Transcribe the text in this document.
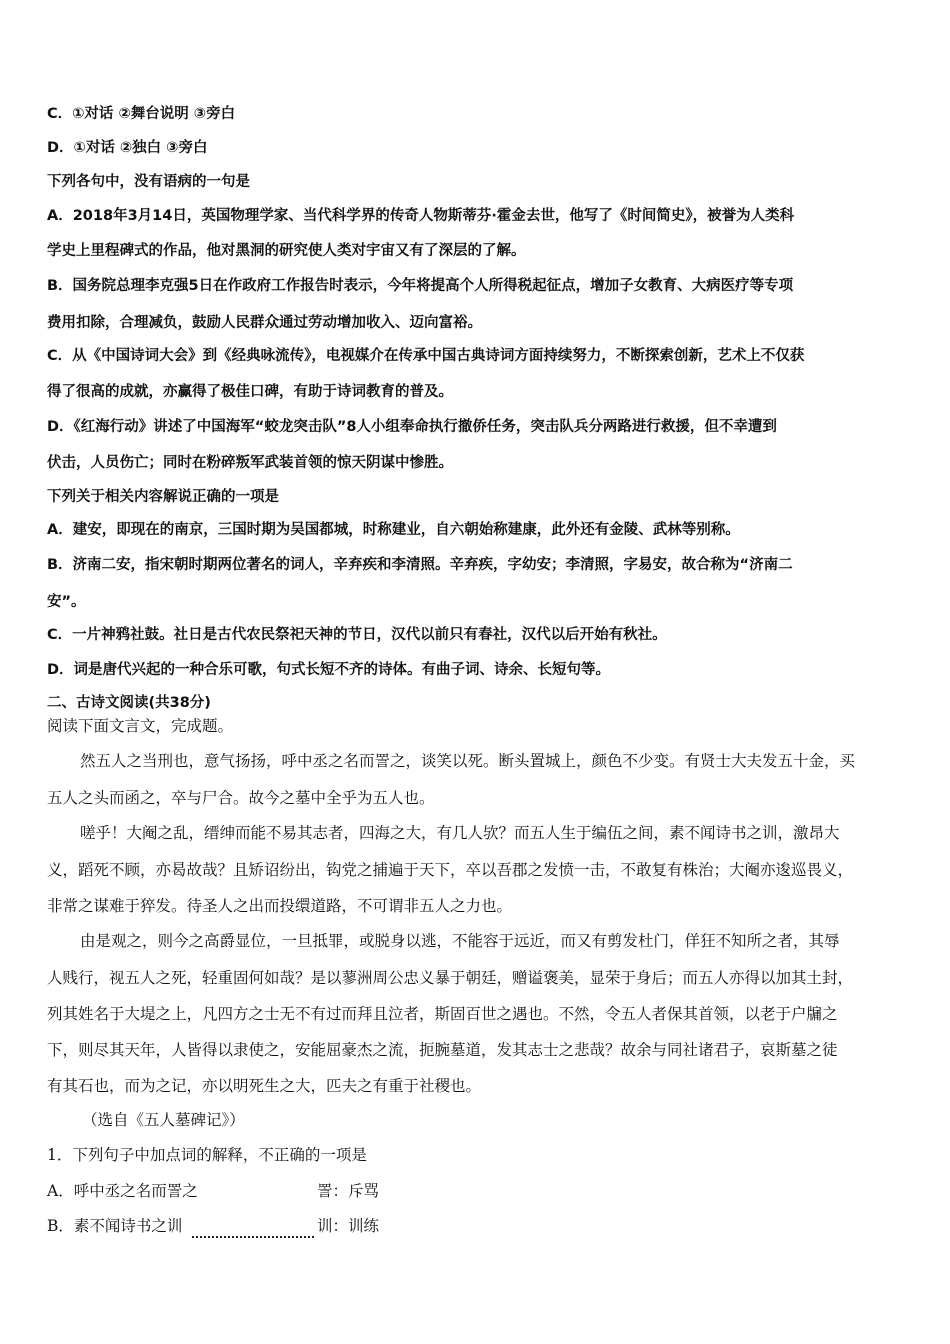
C．①对话 ②舞台说明 ③旁白
D．①对话 ②独白 ③旁白
下列各句中，没有语病的一句是
A．2018年3月14日，英国物理学家、当代科学界的传奇人物斯蒂芬·霍金去世，他写了《时间简史》，被誉为人类科
学史上里程碑式的作品，他对黑洞的研究使人类对宇宙又有了深层的了解。
B．国务院总理李克强5日在作政府工作报告时表示，今年将提高个人所得税起征点，增加子女教育、大病医疗等专项
费用扣除，合理减负，鼓励人民群众通过劳动增加收入、迈向富裕。
C．从《中国诗词大会》到《经典咏流传》，电视媒介在传承中国古典诗词方面持续努力，不断探索创新，艺术上不仅获
得了很高的成就，亦赢得了极佳口碑，有助于诗词教育的普及。
D．《红海行动》讲述了中国海军“蛟龙突击队”8人小组奉命执行撤侨任务，突击队兵分两路进行救援，但不幸遭到
伏击，人员伤亡；同时在粉碎叛军武装首领的惊天阴谋中惨胜。
下列关于相关内容解说正确的一项是
A．建安，即现在的南京，三国时期为吴国都城，时称建业，自六朝始称建康，此外还有金陵、武林等别称。
B．济南二安，指宋朝时期两位著名的词人，辛弃疾和李清照。辛弃疾，字幼安；李清照，字易安，故合称为“济南二
安”。
C．一片神鸦社鼓。社日是古代农民祭祀天神的节日，汉代以前只有春社，汉代以后开始有秋社。
D．词是唐代兴起的一种合乐可歌，句式长短不齐的诗体。有曲子词、诗余、长短句等。
二、古诗文阅读(共38分)
阅读下面文言文，完成题。
然五人之当刑也，意气扬扬，呼中丞之名而詈之，谈笑以死。断头置城上，颜色不少变。有贤士大夫发五十金，买
五人之头而函之，卒与尸合。故今之墓中全乎为五人也。
嗟乎！大阉之乱，缙绅而能不易其志者，四海之大，有几人欤？而五人生于编伍之间，素不闻诗书之训，激昂大
义，蹈死不顾，亦曷故哉？且矫诏纷出，钩党之捕遍于天下，卒以吾郡之发愤一击，不敢复有株治；大阉亦逡巡畏义，
非常之谋难于猝发。待圣人之出而投缳道路，不可谓非五人之力也。
由是观之，则今之高爵显位，一旦抵罪，或脱身以逃，不能容于远近，而又有剪发杜门，佯狂不知所之者，其辱
人贱行，视五人之死，轻重固何如哉？是以蓼洲周公忠义暴于朝廷，赠谥褒美，显荣于身后；而五人亦得以加其土封，
列其姓名于大堤之上，凡四方之士无不有过而拜且泣者，斯固百世之遇也。不然，令五人者保其首领，以老于户牖之
下，则尽其天年，人皆得以隶使之，安能屈豪杰之流，扼腕墓道，发其志士之悲哉？故余与同社诸君子，哀斯墓之徒
有其石也，而为之记，亦以明死生之大，匹夫之有重于社稷也。
（选自《五人墓碑记》）
1．下列句子中加点词的解释，不正确的一项是
A．呼中丞之名而詈之	詈：斥骂
B．素不闻诗书之训	训：训练
